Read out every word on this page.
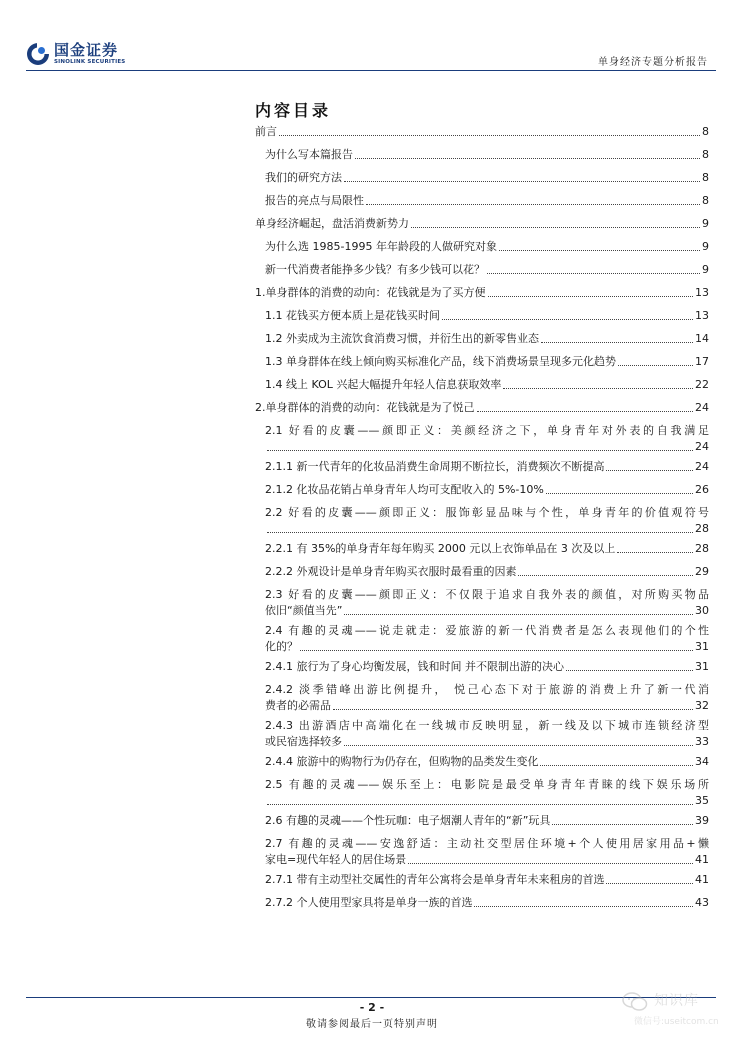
国金证券
SINOLINK SECURITIES	单身经济专题分析报告
内容目录
前言	8
为什么写本篇报告	8
我们的研究方法	8
报告的亮点与局限性	8
单身经济崛起，盘活消费新势力	9
为什么选 1985-1995 年年龄段的人做研究对象	9
新一代消费者能挣多少钱？有多少钱可以花？	9
1.单身群体的消费的动向：花钱就是为了买方便	13
1.1 花钱买方便本质上是花钱买时间	13
1.2 外卖成为主流饮食消费习惯，并衍生出的新零售业态	14
1.3 单身群体在线上倾向购买标准化产品，线下消费场景呈现多元化趋势	17
1.4 线上 KOL 兴起大幅提升年轻人信息获取效率	22
2.单身群体的消费的动向：花钱就是为了悦己	24
2.1 好看的皮囊——颜即正义：美颜经济之下，单身青年对外表的自我满足
24
2.1.1 新一代青年的化妆品消费生命周期不断拉长，消费频次不断提高	24
2.1.2 化妆品花销占单身青年人均可支配收入的 5%-10%	26
2.2 好看的皮囊——颜即正义：服饰彰显品味与个性，单身青年的价值观符号
28
2.2.1 有 35%的单身青年每年购买 2000 元以上衣饰单品在 3 次及以上	28
2.2.2 外观设计是单身青年购买衣服时最看重的因素	29
2.3 好看的皮囊——颜即正义：不仅限于追求自我外表的颜值，对所购买物品
依旧“颜值当先”	30
2.4 有趣的灵魂——说走就走：爱旅游的新一代消费者是怎么表现他们的个性
化的？	31
2.4.1 旅行为了身心均衡发展，钱和时间 并不限制出游的决心	31
2.4.2 淡季错峰出游比例提升， 悦己心态下对于旅游的消费上升了新一代消
费者的必需品	32
2.4.3 出游酒店中高端化在一线城市反映明显，新一线及以下城市连锁经济型
或民宿选择较多	33
2.4.4 旅游中的购物行为仍存在，但购物的品类发生变化	34
2.5 有趣的灵魂——娱乐至上：电影院是最受单身青年青睐的线下娱乐场所
35
2.6 有趣的灵魂——个性玩咖：电子烟潮人青年的“新”玩具	39
2.7 有趣的灵魂——安逸舒适：主动社交型居住环境+个人使用居家用品+懒
家电=现代年轻人的居住场景	41
2.7.1 带有主动型社交属性的青年公寓将会是单身青年未来租房的首选	41
2.7.2 个人使用型家具将是单身一族的首选	43
- 2 -
敬请参阅最后一页特别声明
知识库
微信号:useitcom.cn
